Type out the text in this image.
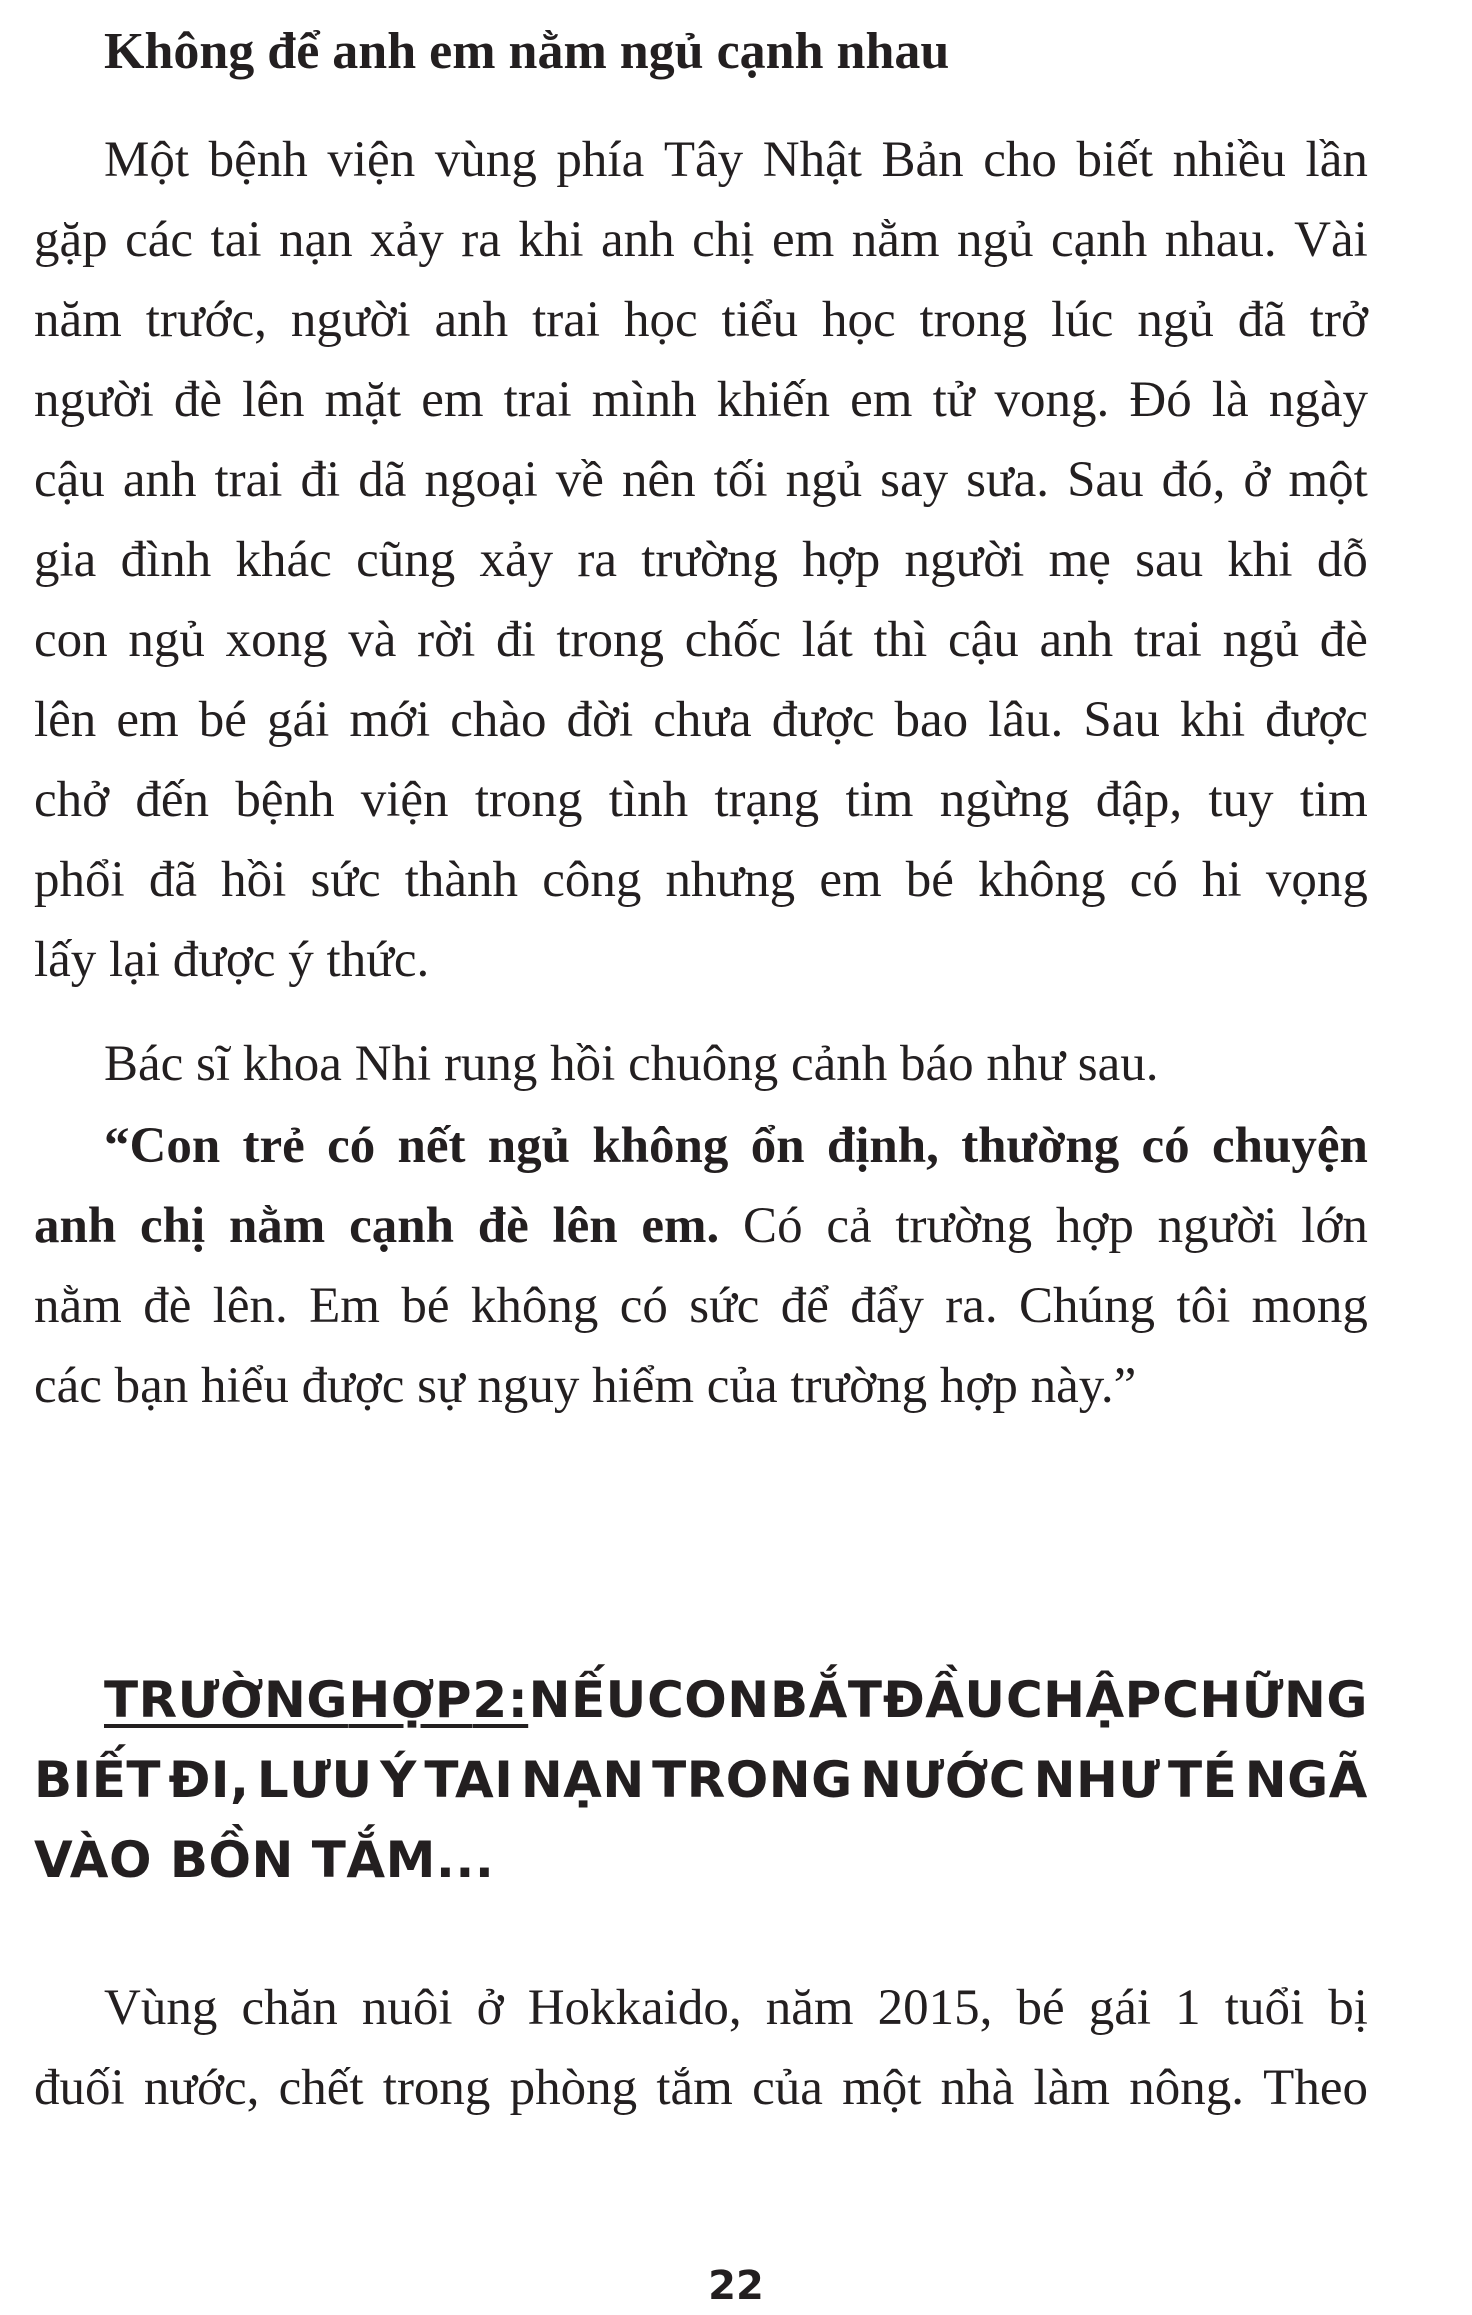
Không để anh em nằm ngủ cạnh nhau
Một bệnh viện vùng phía Tây Nhật Bản cho biết nhiều lần
gặp các tai nạn xảy ra khi anh chị em nằm ngủ cạnh nhau. Vài
năm trước, người anh trai học tiểu học trong lúc ngủ đã trở
người đè lên mặt em trai mình khiến em tử vong. Đó là ngày
cậu anh trai đi dã ngoại về nên tối ngủ say sưa. Sau đó, ở một
gia đình khác cũng xảy ra trường hợp người mẹ sau khi dỗ
con ngủ xong và rời đi trong chốc lát thì cậu anh trai ngủ đè
lên em bé gái mới chào đời chưa được bao lâu. Sau khi được
chở đến bệnh viện trong tình trạng tim ngừng đập, tuy tim
phổi đã hồi sức thành công nhưng em bé không có hi vọng
lấy lại được ý thức.
Bác sĩ khoa Nhi rung hồi chuông cảnh báo như sau.
“Con trẻ có nết ngủ không ổn định, thường có chuyện
anh chị nằm cạnh đè lên em. Có cả trường hợp người lớn
nằm đè lên. Em bé không có sức để đẩy ra. Chúng tôi mong
các bạn hiểu được sự nguy hiểm của trường hợp này.”
TRƯỜNG HỢP 2: NẾU CON BẮT ĐẦU CHẬP CHỮNG
BIẾT ĐI, LƯU Ý TAI NẠN TRONG NƯỚC NHƯ TÉ NGÃ
VÀO BỒN TẮM...
Vùng chăn nuôi ở Hokkaido, năm 2015, bé gái 1 tuổi bị
đuối nước, chết trong phòng tắm của một nhà làm nông. Theo
22
